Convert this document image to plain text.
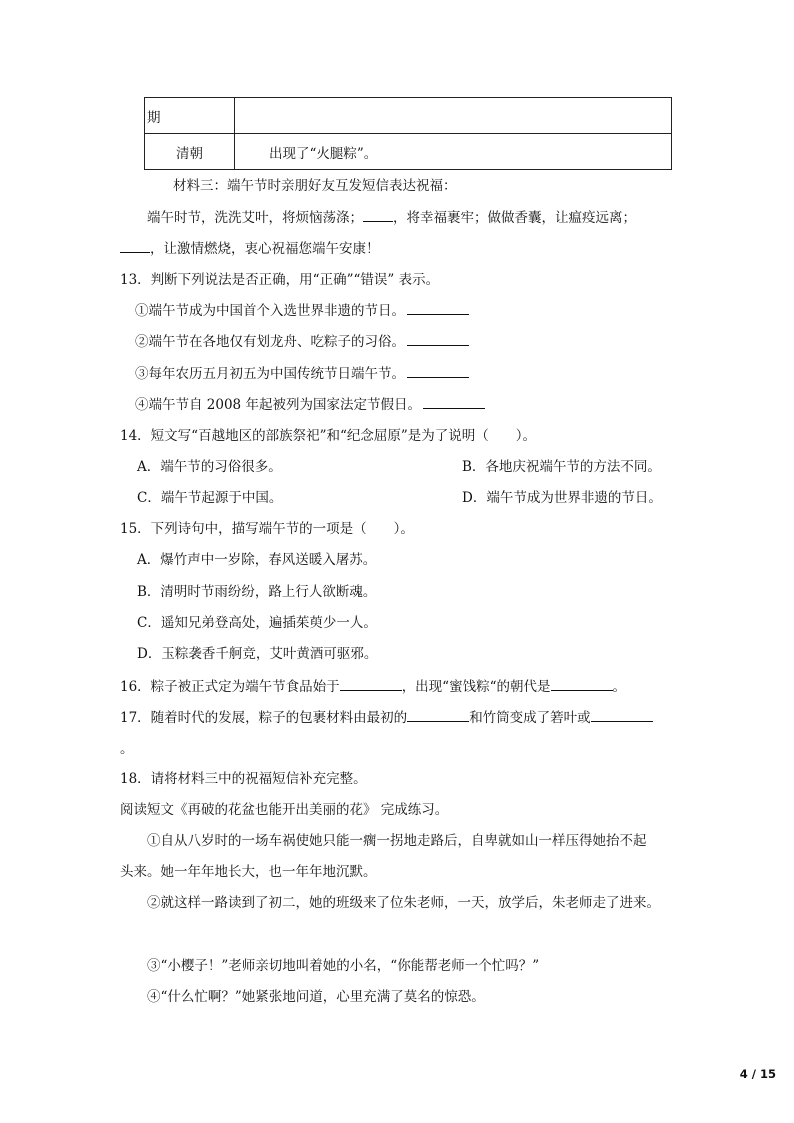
期	
清朝	出现了“火腿粽”。
材料三：端午节时亲朋好友互发短信表达祝福：
端午时节，洗洗艾叶，将烦恼荡涤； ，将幸福裹牢；做做香囊，让瘟疫远离；
，让激情燃烧，衷心祝福您端午安康！
13．判断下列说法是否正确，用“正确”“错误” 表示。
①端午节成为中国首个入选世界非遗的节日。
②端午节在各地仅有划龙舟、吃粽子的习俗。
③每年农历五月初五为中国传统节日端午节。
④端午节自 2008 年起被列为国家法定节假日。
14．短文写“百越地区的部族祭祀”和“纪念屈原”是为了说明（　　）。
A．端午节的习俗很多。	B．各地庆祝端午节的方法不同。
C．端午节起源于中国。	D．端午节成为世界非遗的节日。
15．下列诗句中，描写端午节的一项是（　　）。
A．爆竹声中一岁除，春风送暖入屠苏。
B．清明时节雨纷纷，路上行人欲断魂。
C．遥知兄弟登高处，遍插茱萸少一人。
D．玉粽袭香千舸竞，艾叶黄酒可驱邪。
16．粽子被正式定为端午节食品始于	，出现“蜜饯粽“的朝代是	。
17．随着时代的发展，粽子的包裹材料由最初的	和竹筒变成了箬叶或
。
18．请将材料三中的祝福短信补充完整。
阅读短文《再破的花盆也能开出美丽的花》 完成练习。
①自从八岁时的一场车祸使她只能一瘸一拐地走路后，自卑就如山一样压得她抬不起
头来。她一年年地长大，也一年年地沉默。
②就这样一路读到了初二，她的班级来了位朱老师，一天，放学后，朱老师走了进来。
③“小樱子！”老师亲切地叫着她的小名，“你能帮老师一个忙吗？”
④“什么忙啊？”她紧张地问道，心里充满了莫名的惊恐。
4 / 15
